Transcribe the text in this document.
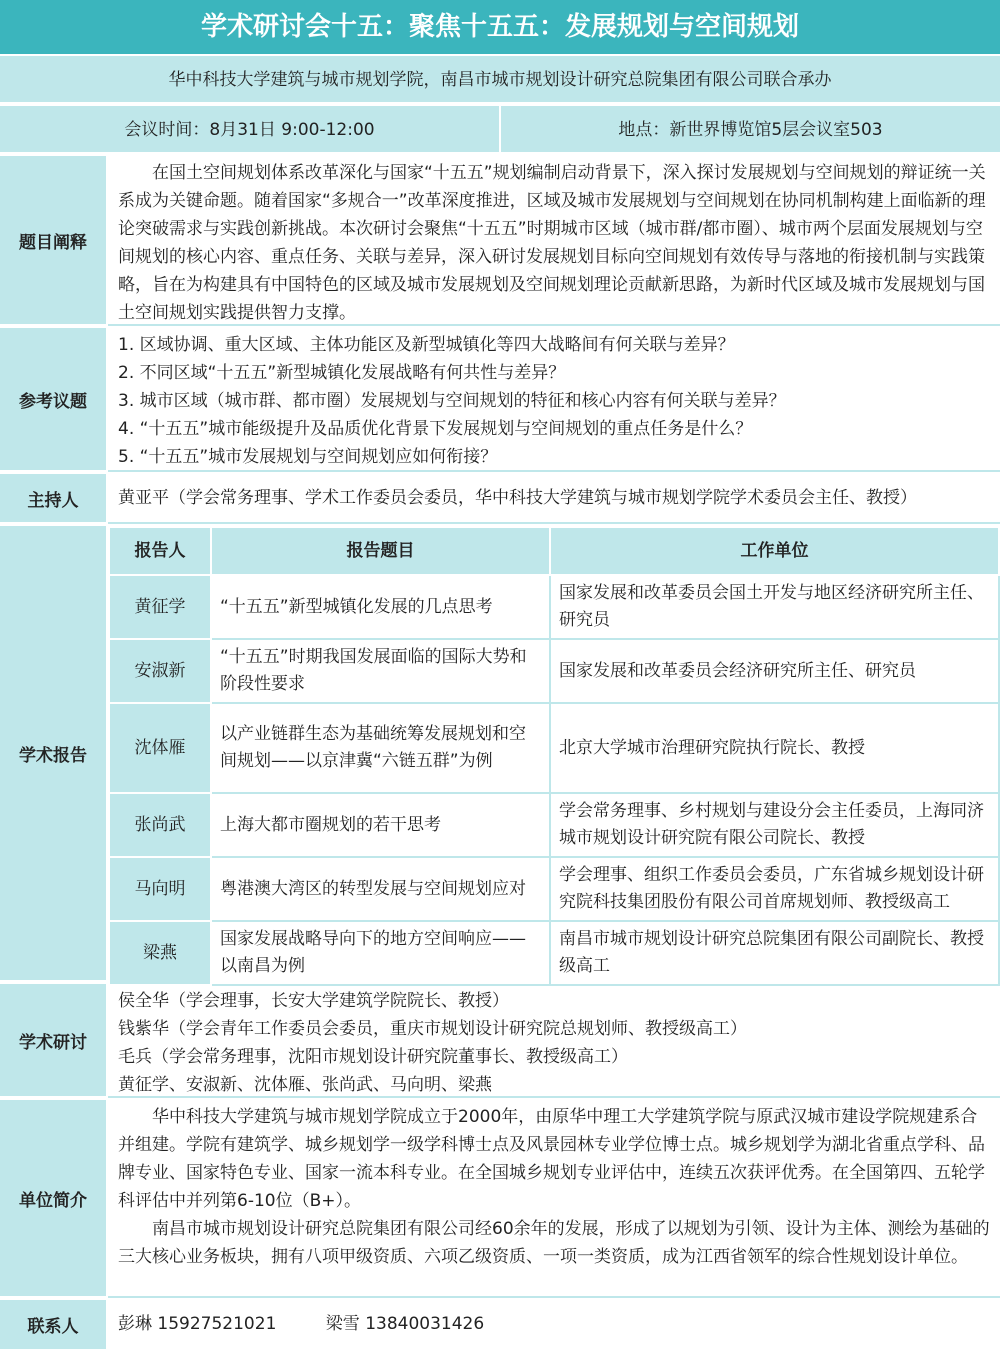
学术研讨会十五：聚焦十五五：发展规划与空间规划
华中科技大学建筑与城市规划学院，南昌市城市规划设计研究总院集团有限公司联合承办
会议时间：8月31日 9:00-12:00	地点：新世界博览馆5层会议室503
题目阐释

在国土空间规划体系改革深化与国家“十五五”规划编制启动背景下，深入探讨发展规划与空间规划的辩证统一关系成为关键命题。随着国家“多规合一”改革深度推进，区域及城市发展规划与空间规划在协同机制构建上面临新的理论突破需求与实践创新挑战。本次研讨会聚焦“十五五”时期城市区域（城市群/都市圈）、城市两个层面发展规划与空间规划的核心内容、重点任务、关联与差异，深入研讨发展规划目标向空间规划有效传导与落地的衔接机制与实践策略，旨在为构建具有中国特色的区域及城市发展规划及空间规划理论贡献新思路，为新时代区域及城市发展规划与国土空间规划实践提供智力支撑。

参考议题

1. 区域协调、重大区域、主体功能区及新型城镇化等四大战略间有何关联与差异？

2. 不同区域“十五五”新型城镇化发展战略有何共性与差异？

3. 城市区域（城市群、都市圈）发展规划与空间规划的特征和核心内容有何关联与差异？

4. “十五五”城市能级提升及品质优化背景下发展规划与空间规划的重点任务是什么？

5. “十五五”城市发展规划与空间规划应如何衔接？

主持人	黄亚平（学会常务理事、学术工作委员会委员，华中科技大学建筑与城市规划学院学术委员会主任、教授）
学术报告
报告人	报告题目	工作单位
黄征学	“十五五”新型城镇化发展的几点思考	国家发展和改革委员会国土开发与地区经济研究所主任、研究员
安淑新	“十五五”时期我国发展面临的国际大势和阶段性要求	国家发展和改革委员会经济研究所主任、研究员
沈体雁	以产业链群生态为基础统筹发展规划和空间规划——以京津冀“六链五群”为例	北京大学城市治理研究院执行院长、教授
张尚武	上海大都市圈规划的若干思考	学会常务理事、乡村规划与建设分会主任委员，上海同济城市规划设计研究院有限公司院长、教授
马向明	粤港澳大湾区的转型发展与空间规划应对	学会理事、组织工作委员会委员，广东省城乡规划设计研究院科技集团股份有限公司首席规划师、教授级高工
梁燕	国家发展战略导向下的地方空间响应——以南昌为例	南昌市城市规划设计研究总院集团有限公司副院长、教授级高工
学术研讨

侯全华（学会理事，长安大学建筑学院院长、教授）

钱紫华（学会青年工作委员会委员，重庆市规划设计研究院总规划师、教授级高工）

毛兵（学会常务理事，沈阳市规划设计研究院董事长、教授级高工）

黄征学、安淑新、沈体雁、张尚武、马向明、梁燕

单位简介

华中科技大学建筑与城市规划学院成立于2000年，由原华中理工大学建筑学院与原武汉城市建设学院规建系合并组建。学院有建筑学、城乡规划学一级学科博士点及风景园林专业学位博士点。城乡规划学为湖北省重点学科、品牌专业、国家特色专业、国家一流本科专业。在全国城乡规划专业评估中，连续五次获评优秀。在全国第四、五轮学科评估中并列第6-10位（B+）。

南昌市城市规划设计研究总院集团有限公司经60余年的发展，形成了以规划为引领、设计为主体、测绘为基础的三大核心业务板块，拥有八项甲级资质、六项乙级资质、一项一类资质，成为江西省领军的综合性规划设计单位。

联系人	彭琳 15927521021	梁雪 13840031426
